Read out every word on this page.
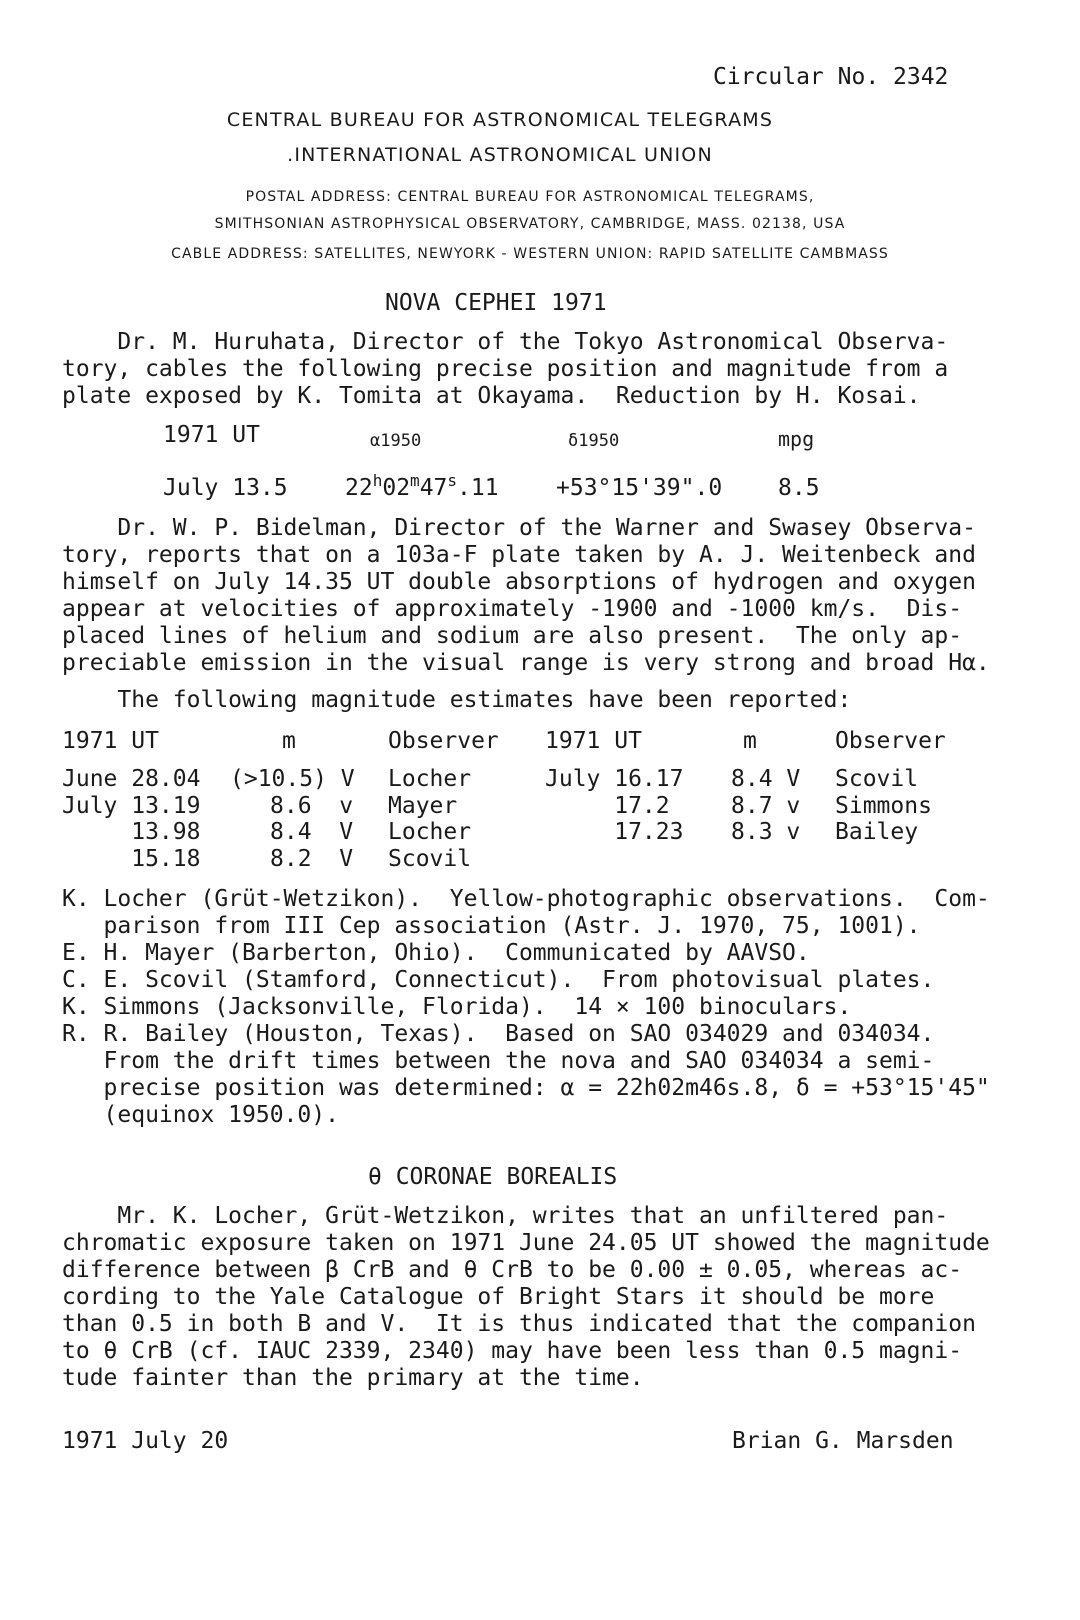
Circular No. 2342
CENTRAL BUREAU FOR ASTRONOMICAL TELEGRAMS
.INTERNATIONAL ASTRONOMICAL UNION
POSTAL ADDRESS: CENTRAL BUREAU FOR ASTRONOMICAL TELEGRAMS,
SMITHSONIAN ASTROPHYSICAL OBSERVATORY, CAMBRIDGE, MASS. 02138, USA
CABLE ADDRESS: SATELLITES, NEWYORK - WESTERN UNION: RAPID SATELLITE CAMBMASS
NOVA CEPHEI 1971
Dr. M. Huruhata, Director of the Tokyo Astronomical Observa-
tory, cables the following precise position and magnitude from a
plate exposed by K. Tomita at Okayama.  Reduction by H. Kosai.
1971 UT	α1950	δ1950	mpg
July 13.5 $22^h02^m47^s.11$ +53°15'39".0 8.5
Dr. W. P. Bidelman, Director of the Warner and Swasey Observa-
tory, reports that on a 103a-F plate taken by A. J. Weitenbeck and
himself on July 14.35 UT double absorptions of hydrogen and oxygen
appear at velocities of approximately -1900 and -1000 km/s.  Dis-
placed lines of helium and sodium are also present.  The only ap-
preciable emission in the visual range is very strong and broad Hα.
The following magnitude estimates have been reported:
1971 UT	m	Observer 1971 UT	m	Observer
June 28.04 (>10.5) V Locher
July 13.19	8.6  v Mayer
13.98	8.4  V Locher
15.18	8.2  V Scovil
July 16.17 8.4 V Scovil
17.2	8.7 v Simmons
17.23 8.3 v Bailey
K. Locher (Grüt-Wetzikon).  Yellow-photographic observations.  Com-
parison from III Cep association (Astr. J. 1970, 75, 1001).
E. H. Mayer (Barberton, Ohio).  Communicated by AAVSO.
C. E. Scovil (Stamford, Connecticut).  From photovisual plates.
K. Simmons (Jacksonville, Florida).  14 × 100 binoculars.
R. R. Bailey (Houston, Texas).  Based on SAO 034029 and 034034.
From the drift times between the nova and SAO 034034 a semi-
precise position was determined: α = 22h02m46s.8, δ = +53°15'45"
(equinox 1950.0).
θ CORONAE BOREALIS
Mr. K. Locher, Grüt-Wetzikon, writes that an unfiltered pan-
chromatic exposure taken on 1971 June 24.05 UT showed the magnitude
difference between β CrB and θ CrB to be 0.00 ± 0.05, whereas ac-
cording to the Yale Catalogue of Bright Stars it should be more
than 0.5 in both B and V.  It is thus indicated that the companion
to θ CrB (cf. IAUC 2339, 2340) may have been less than 0.5 magni-
tude fainter than the primary at the time.
1971 July 20	Brian G. Marsden
